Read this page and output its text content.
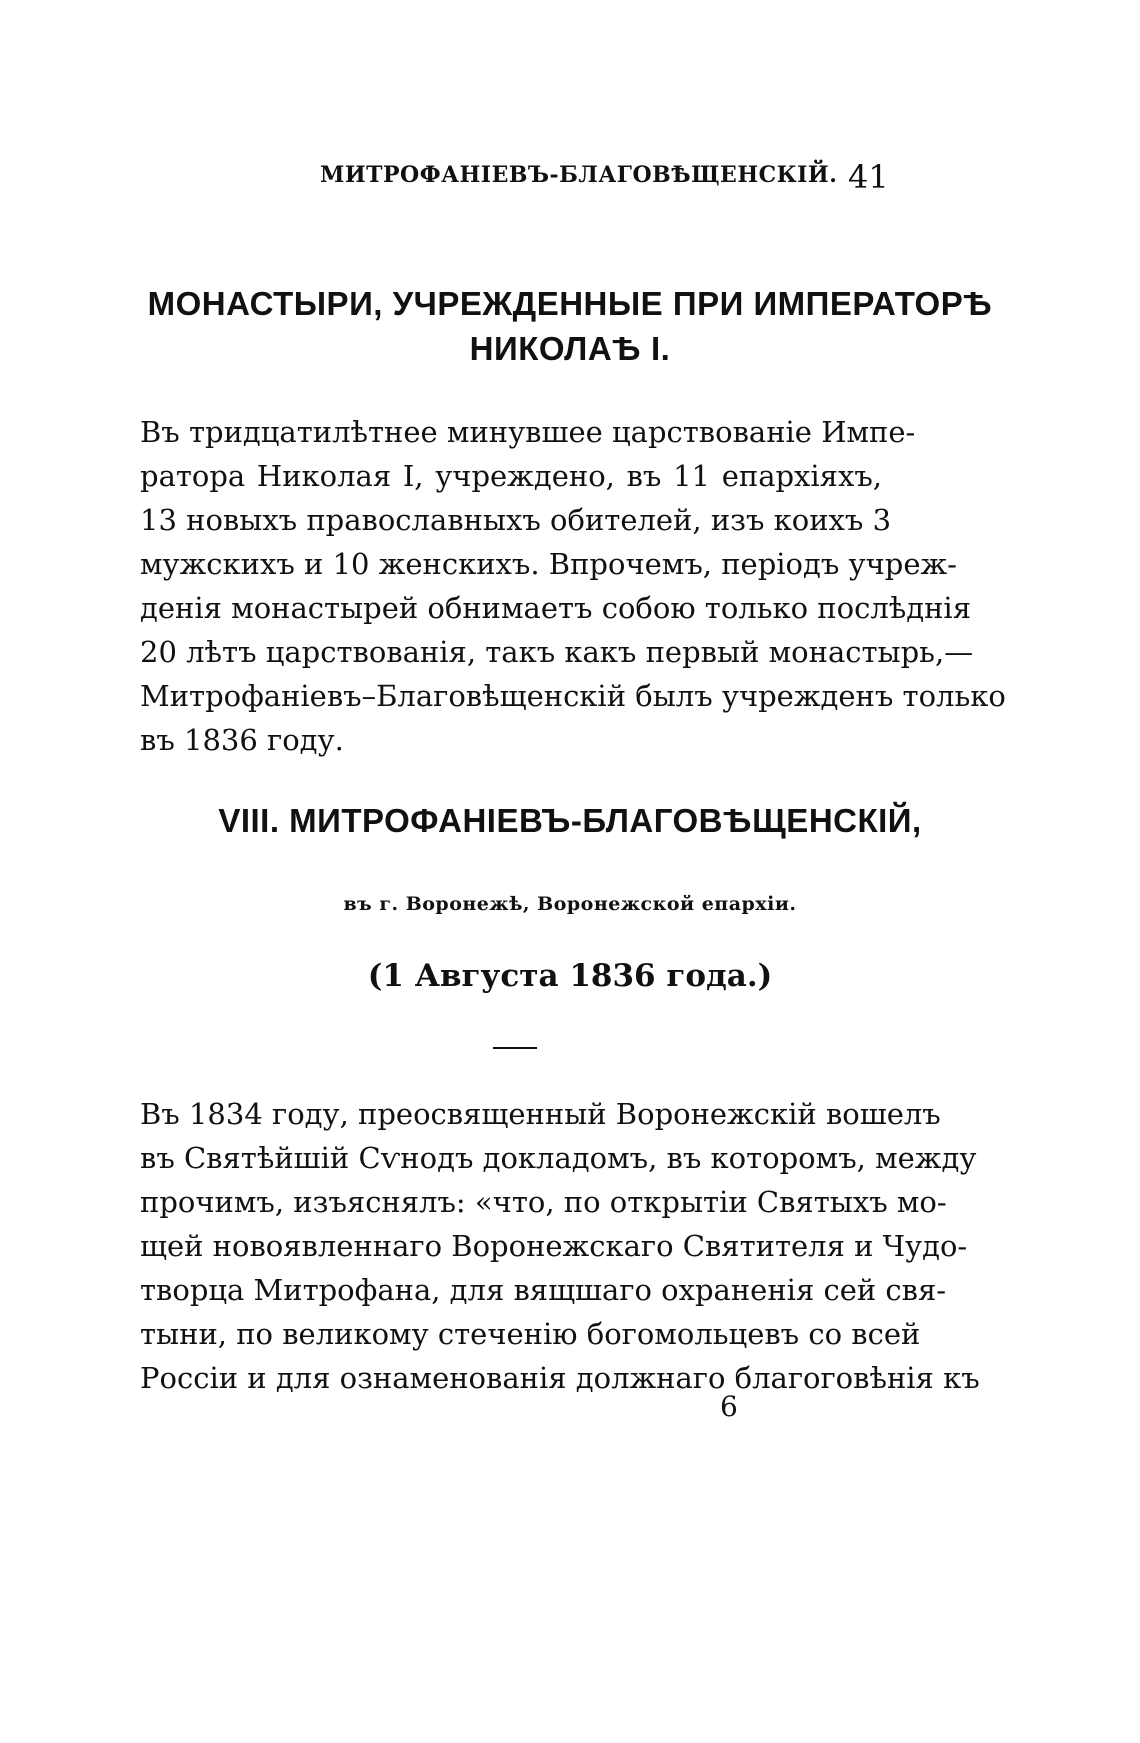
МИТРОФАНІЕВЪ-БЛАГОВѢЩЕНСКІЙ. 41
МОНАСТЫРИ, УЧРЕЖДЕННЫЕ ПРИ ИМПЕРАТОРѢ
НИКОЛАѢ I.
Въ тридцатилѣтнее минувшее царствованіе Импе-
ратора Николая I, учреждено, въ 11 епархіяхъ,
13 новыхъ православныхъ обителей, изъ коихъ 3
мужскихъ и 10 женскихъ. Впрочемъ, періодъ учреж-
денія монастырей обнимаетъ собою только послѣднія
20 лѣтъ царствованія, такъ какъ первый монастырь,—
Митрофаніевъ–Благовѣщенскій былъ учрежденъ только
въ 1836 году.
VIII. МИТРОФАНІЕВЪ-БЛАГОВѢЩЕНСКІЙ,
въ г. Воронежѣ, Воронежской епархіи.
(1 Августа 1836 года.)
Въ 1834 году, преосвященный Воронежскій вошелъ
въ Святѣйшій Сѵнодъ докладомъ, въ которомъ, между
прочимъ, изъяснялъ: «что, по открытіи Святыхъ мо-
щей новоявленнаго Воронежскаго Святителя и Чудо-
творца Митрофана, для вящшаго охраненія сей свя-
тыни, по великому стеченію богомольцевъ со всей
Россіи и для ознаменованія должнаго благоговѣнія къ
6
